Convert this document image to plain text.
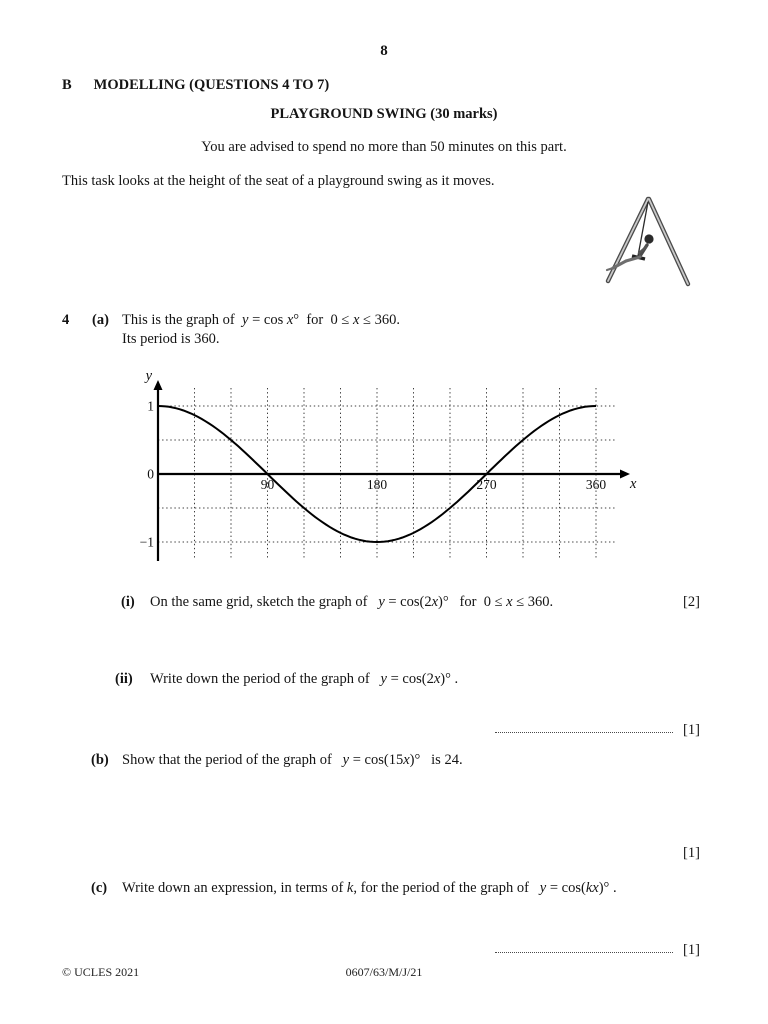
8
B MODELLING (QUESTIONS 4 TO 7)
PLAYGROUND SWING (30 marks)
You are advised to spend no more than 50 minutes on this part.
This task looks at the height of the seat of a playground swing as it moves.
4 (a) This is the graph of  y = cos x°  for  0 ≤ x ≤ 360.
Its period is 360.
90	180	270	360
1
0
−1
y
x
(i) On the same grid, sketch the graph of   y = cos(2x)°   for  0 ≤ x ≤ 360.	[2]
(ii) Write down the period of the graph of   y = cos(2x)° .
[1]
(b) Show that the period of the graph of   y = cos(15x)°   is 24.
[1]
(c) Write down an expression, in terms of k, for the period of the graph of   y = cos(kx)° .
[1]
© UCLES 2021	0607/63/M/J/21
